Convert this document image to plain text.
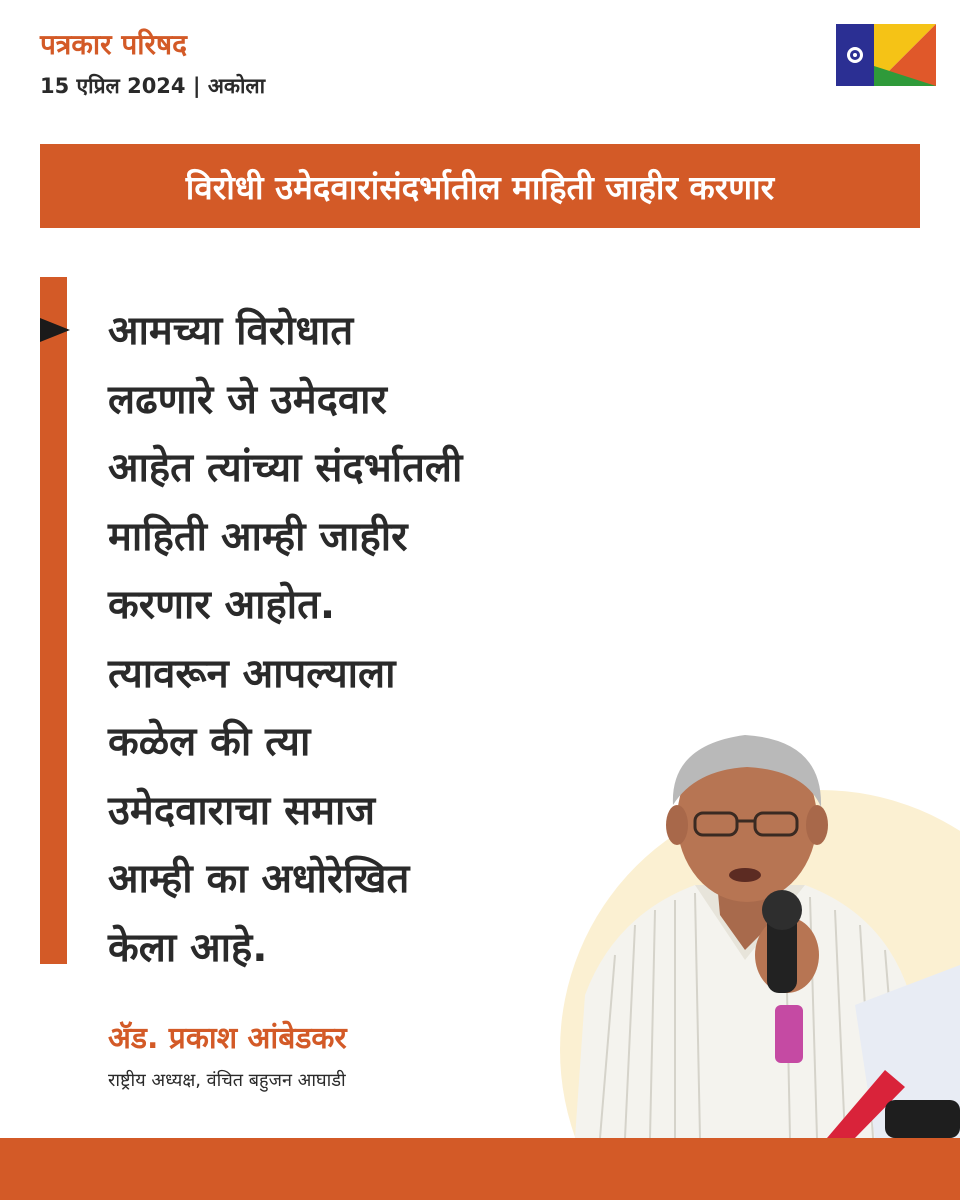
पत्रकार परिषद
15 एप्रिल 2024 | अकोला
विरोधी उमेदवारांसंदर्भातील माहिती जाहीर करणार

आमच्या विरोधात
लढणारे जे उमेदवार
आहेत त्यांच्या संदर्भातली
माहिती आम्ही जाहीर
करणार आहोत.
त्यावरून आपल्याला
कळेल की त्या
उमेदवाराचा समाज
आम्ही का अधोरेखित
केला आहे.

ॲड. प्रकाश आंबेडकर
राष्ट्रीय अध्यक्ष, वंचित बहुजन आघाडी
